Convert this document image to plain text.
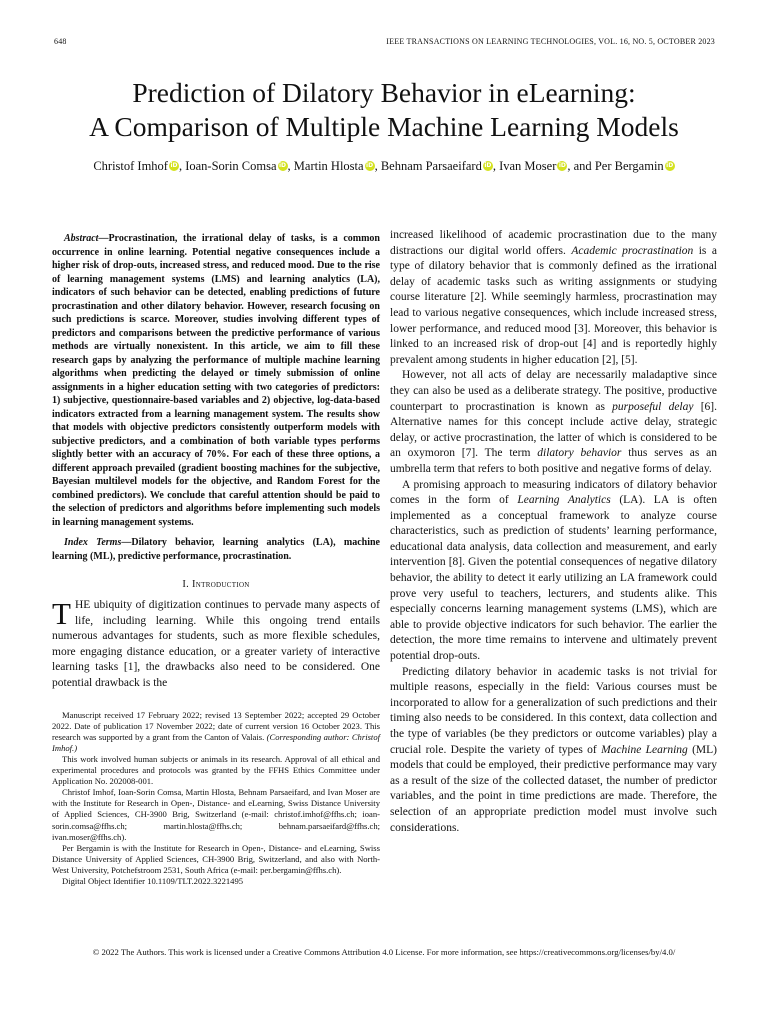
648	IEEE TRANSACTIONS ON LEARNING TECHNOLOGIES, VOL. 16, NO. 5, OCTOBER 2023
Prediction of Dilatory Behavior in eLearning:
A Comparison of Multiple Machine Learning Models
Christof Imhof iD, Ioan-Sorin Comsa iD, Martin Hlosta iD, Behnam Parsaeifard iD, Ivan Moser iD, and Per Bergamin iD

Abstract—Procrastination, the irrational delay of tasks, is a common occurrence in online learning. Potential negative consequences include a higher risk of drop-outs, increased stress, and reduced mood. Due to the rise of learning management systems (LMS) and learning analytics (LA), indicators of such behavior can be detected, enabling predictions of future procrastination and other dilatory behavior. However, research focusing on such predictions is scarce. Moreover, studies involving different types of predictors and comparisons between the predictive performance of various methods are virtually nonexistent. In this article, we aim to fill these research gaps by analyzing the performance of multiple machine learning algorithms when predicting the delayed or timely submission of online assignments in a higher education setting with two categories of predictors: 1) subjective, questionnaire-based variables and 2) objective, log-data-based indicators extracted from a learning management system. The results show that models with objective predictors consistently outperform models with subjective predictors, and a combination of both variable types performs slightly better with an accuracy of 70%. For each of these three options, a different approach prevailed (gradient boosting machines for the subjective, Bayesian multilevel models for the objective, and Random Forest for the combined predictors). We conclude that careful attention should be paid to the selection of predictors and algorithms before implementing such models in learning management systems.

Index Terms—Dilatory behavior, learning analytics (LA), machine learning (ML), predictive performance, procrastination.

I. Introduction

THE ubiquity of digitization continues to pervade many aspects of life, including learning. While this ongoing trend entails numerous advantages for students, such as more flexible schedules, more engaging distance education, or a greater variety of interactive learning tasks [1], the drawbacks also need to be considered. One potential drawback is the

Manuscript received 17 February 2022; revised 13 September 2022; accepted 29 October 2022. Date of publication 17 November 2022; date of current version 16 October 2023. This research was supported by a grant from the Canton of Valais. (Corresponding author: Christof Imhof.)

This work involved human subjects or animals in its research. Approval of all ethical and experimental procedures and protocols was granted by the FFHS Ethics Committee under Application No. 202008-001.

Christof Imhof, Ioan-Sorin Comsa, Martin Hlosta, Behnam Parsaeifard, and Ivan Moser are with the Institute for Research in Open-, Distance- and eLearning, Swiss Distance University of Applied Sciences, CH-3900 Brig, Switzerland (e-mail: christof.imhof@ffhs.ch; ioan-sorin.comsa@ffhs.ch; martin.hlosta@ffhs.ch; behnam.parsaeifard@ffhs.ch; ivan.moser@ffhs.ch).

Per Bergamin is with the Institute for Research in Open-, Distance- and eLearning, Swiss Distance University of Applied Sciences, CH-3900 Brig, Switzerland, and also with North-West University, Potchefstroom 2531, South Africa (e-mail: per.bergamin@ffhs.ch).

Digital Object Identifier 10.1109/TLT.2022.3221495

increased likelihood of academic procrastination due to the many distractions our digital world offers. Academic procrastination is a type of dilatory behavior that is commonly defined as the irrational delay of academic tasks such as writing assignments or studying course literature [2]. While seemingly harmless, procrastination may lead to various negative consequences, which include increased stress, lower performance, and reduced mood [3]. Moreover, this behavior is linked to an increased risk of drop-out [4] and is reportedly highly prevalent among students in higher education [2], [5].

However, not all acts of delay are necessarily maladaptive since they can also be used as a deliberate strategy. The positive, productive counterpart to procrastination is known as purposeful delay [6]. Alternative names for this concept include active delay, strategic delay, or active procrastination, the latter of which is considered to be an oxymoron [7]. The term dilatory behavior thus serves as an umbrella term that refers to both positive and negative forms of delay.

A promising approach to measuring indicators of dilatory behavior comes in the form of Learning Analytics (LA). LA is often implemented as a conceptual framework to analyze course characteristics, such as prediction of students’ learning performance, educational data analysis, data collection and measurement, and early intervention [8]. Given the potential consequences of negative dilatory behavior, the ability to detect it early utilizing an LA framework could prove very useful to teachers, lecturers, and students alike. This especially concerns learning management systems (LMS), which are able to provide objective indicators for such behavior. The earlier the detection, the more time remains to intervene and ultimately prevent potential drop-outs.

Predicting dilatory behavior in academic tasks is not trivial for multiple reasons, especially in the field: Various courses must be incorporated to allow for a generalization of such predictions and their timing also needs to be considered. In this context, data collection and the type of variables (be they predictors or outcome variables) play a crucial role. Despite the variety of types of Machine Learning (ML) models that could be employed, their predictive performance may vary as a result of the size of the collected dataset, the number of predictor variables, and the point in time predictions are made. Therefore, the selection of an appropriate prediction model must involve such considerations.

© 2022 The Authors. This work is licensed under a Creative Commons Attribution 4.0 License. For more information, see https://creativecommons.org/licenses/by/4.0/
